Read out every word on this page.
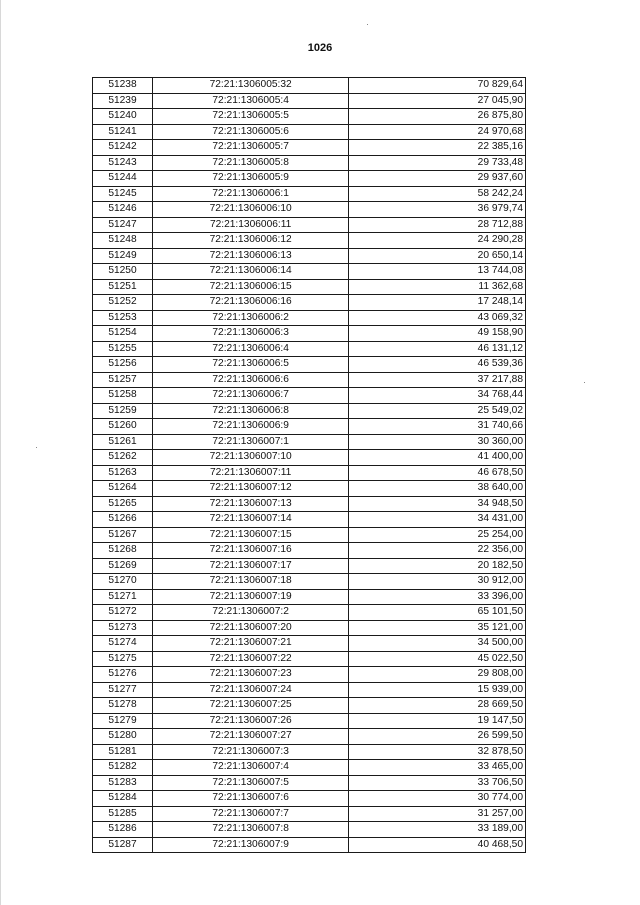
1026
51238	72:21:1306005:32	70 829,64
51239	72:21:1306005:4	27 045,90
51240	72:21:1306005:5	26 875,80
51241	72:21:1306005:6	24 970,68
51242	72:21:1306005:7	22 385,16
51243	72:21:1306005:8	29 733,48
51244	72:21:1306005:9	29 937,60
51245	72:21:1306006:1	58 242,24
51246	72:21:1306006:10	36 979,74
51247	72:21:1306006:11	28 712,88
51248	72:21:1306006:12	24 290,28
51249	72:21:1306006:13	20 650,14
51250	72:21:1306006:14	13 744,08
51251	72:21:1306006:15	11 362,68
51252	72:21:1306006:16	17 248,14
51253	72:21:1306006:2	43 069,32
51254	72:21:1306006:3	49 158,90
51255	72:21:1306006:4	46 131,12
51256	72:21:1306006:5	46 539,36
51257	72:21:1306006:6	37 217,88
51258	72:21:1306006:7	34 768,44
51259	72:21:1306006:8	25 549,02
51260	72:21:1306006:9	31 740,66
51261	72:21:1306007:1	30 360,00
51262	72:21:1306007:10	41 400,00
51263	72:21:1306007:11	46 678,50
51264	72:21:1306007:12	38 640,00
51265	72:21:1306007:13	34 948,50
51266	72:21:1306007:14	34 431,00
51267	72:21:1306007:15	25 254,00
51268	72:21:1306007:16	22 356,00
51269	72:21:1306007:17	20 182,50
51270	72:21:1306007:18	30 912,00
51271	72:21:1306007:19	33 396,00
51272	72:21:1306007:2	65 101,50
51273	72:21:1306007:20	35 121,00
51274	72:21:1306007:21	34 500,00
51275	72:21:1306007:22	45 022,50
51276	72:21:1306007:23	29 808,00
51277	72:21:1306007:24	15 939,00
51278	72:21:1306007:25	28 669,50
51279	72:21:1306007:26	19 147,50
51280	72:21:1306007:27	26 599,50
51281	72:21:1306007:3	32 878,50
51282	72:21:1306007:4	33 465,00
51283	72:21:1306007:5	33 706,50
51284	72:21:1306007:6	30 774,00
51285	72:21:1306007:7	31 257,00
51286	72:21:1306007:8	33 189,00
51287	72:21:1306007:9	40 468,50
